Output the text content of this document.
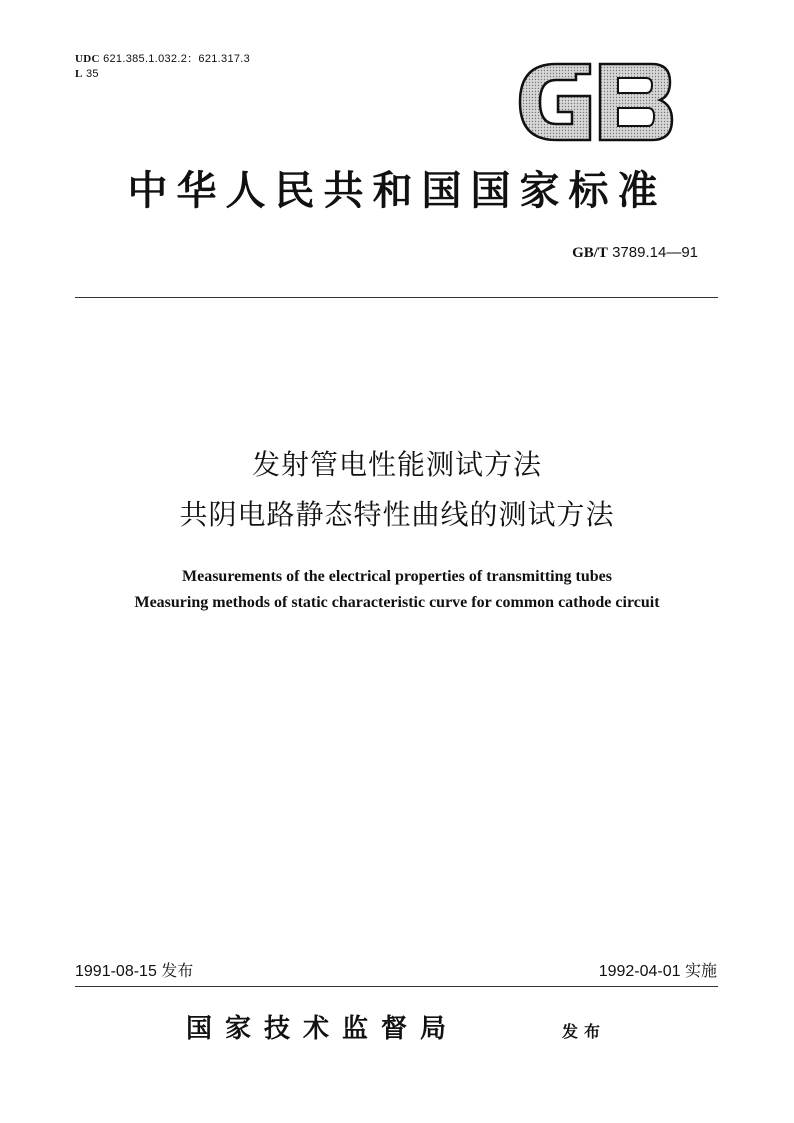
UDC 621.385.1.032.2：621.317.3
L 35
中华人民共和国国家标准
GB/T 3789.14—91
发射管电性能测试方法
共阴电路静态特性曲线的测试方法
Measurements of the electrical properties of transmitting tubes
Measuring methods of static characteristic curve for common cathode circuit
1991-08-15 发布	1992-04-01 实施
国家技术监督局	发布
